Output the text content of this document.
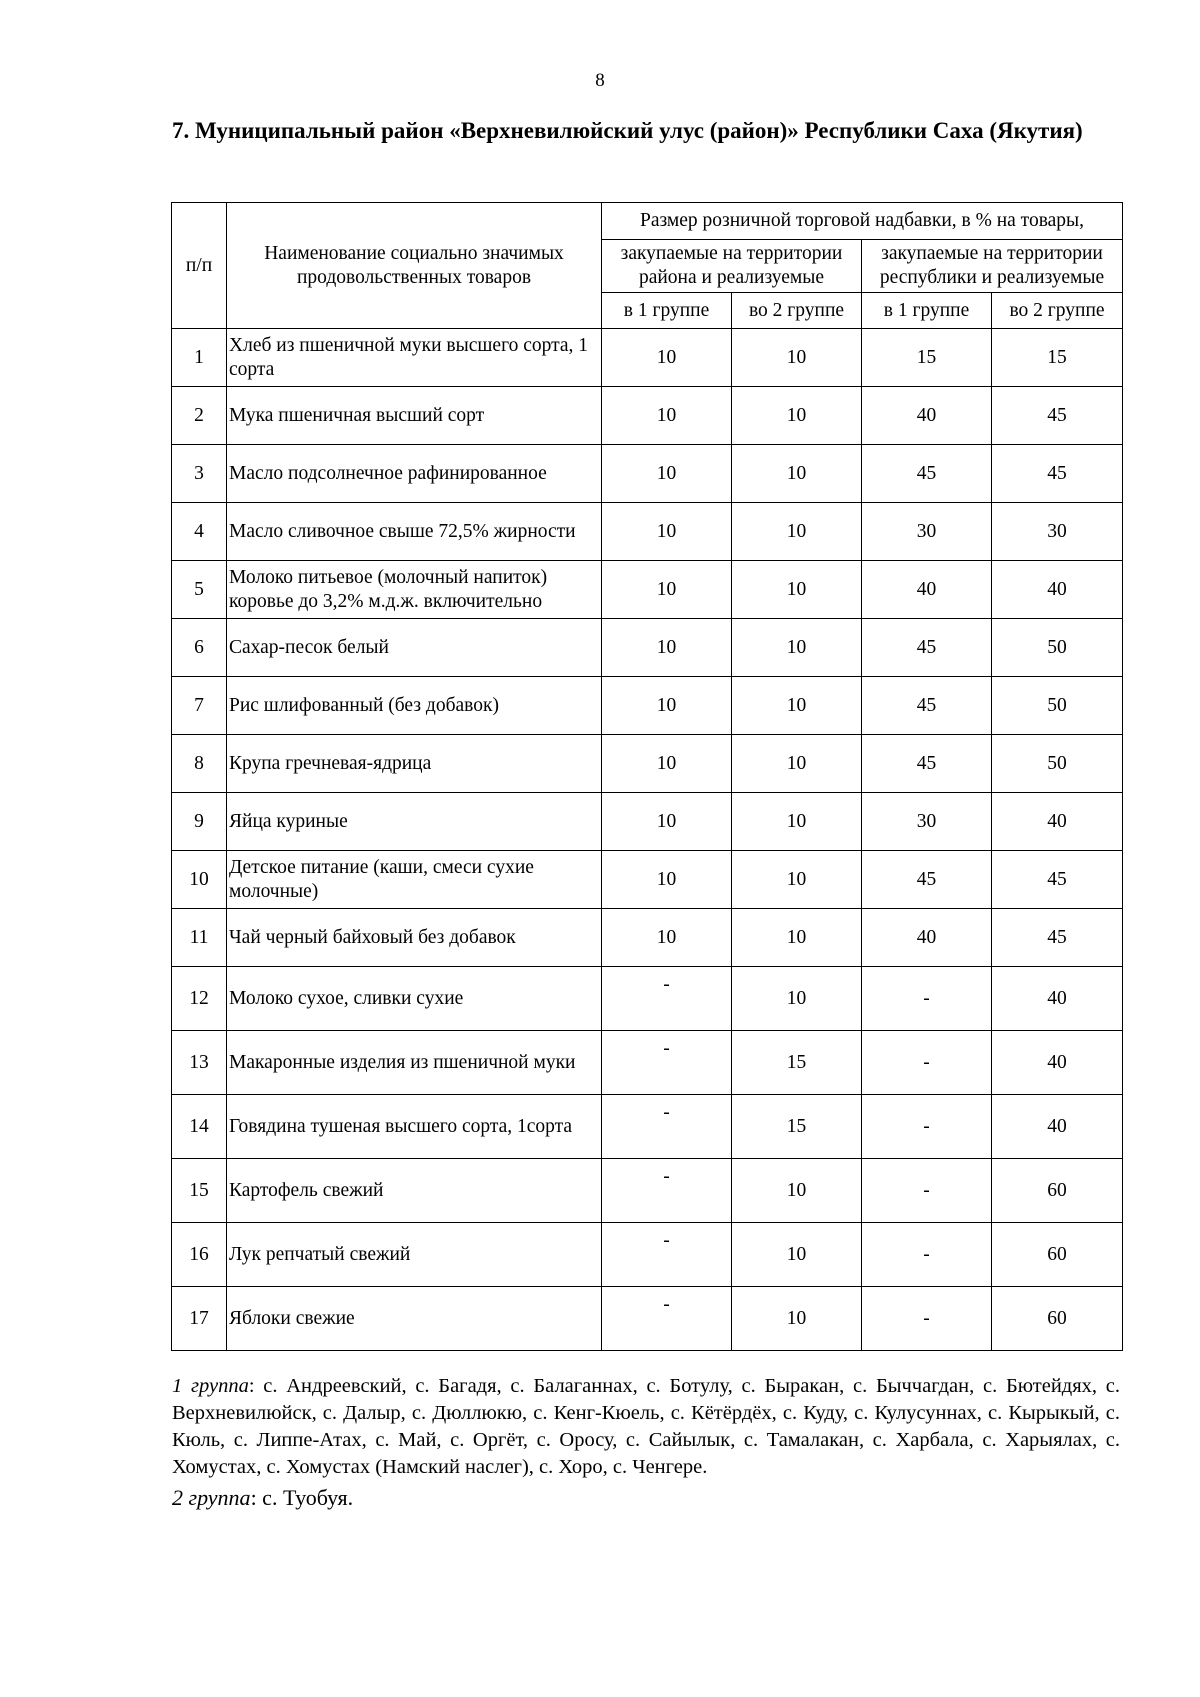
8
7. Муниципальный район «Верхневилюйский улус (район)» Республики Саха (Якутия)
п/п	Наименование социально значимых продовольственных товаров	Размер розничной торговой надбавки, в % на товары,			
		закупаемые на территории района и реализуемые		закупаемые на территории республики и реализуемые	
		в 1 группе	во 2 группе	в 1 группе	во 2 группе
1	Хлеб из пшеничной муки высшего сорта, 1 сорта	10	10	15	15
2	Мука пшеничная высший сорт	10	10	40	45
3	Масло подсолнечное рафинированное	10	10	45	45
4	Масло сливочное свыше 72,5% жирности	10	10	30	30
5	Молоко питьевое (молочный напиток) коровье до 3,2% м.д.ж. включительно	10	10	40	40
6	Сахар-песок белый	10	10	45	50
7	Рис шлифованный (без добавок)	10	10	45	50
8	Крупа гречневая-ядрица	10	10	45	50
9	Яйца куриные	10	10	30	40
10	Детское питание (каши, смеси сухие молочные)	10	10	45	45
11	Чай черный байховый без добавок	10	10	40	45
12	Молоко сухое, сливки сухие	-	10	-	40
13	Макаронные изделия из пшеничной муки	-	15	-	40
14	Говядина тушеная высшего сорта, 1сорта	-	15	-	40
15	Картофель свежий	-	10	-	60
16	Лук репчатый свежий	-	10	-	60
17	Яблоки свежие	-	10	-	60

1 группа: с. Андреевский, с. Багадя, с. Балаганнах, с. Ботулу, с. Быракан, с. Быччагдан, с. Бютейдях, с. Верхневилюйск, с. Далыр, с. Дюллюкю, с. Кенг-Кюель, с. Кётёрдёх, с. Куду, с. Кулусуннах, с. Кырыкый, с. Кюль, с. Липпе-Атах, с. Май, с. Оргёт, с. Оросу, с. Сайылык, с. Тамалакан, с. Харбала, с. Харыялах, с. Хомустах, с. Хомустах (Намский наслег), с. Хоро, с. Ченгере.

2 группа: с. Туобуя.
